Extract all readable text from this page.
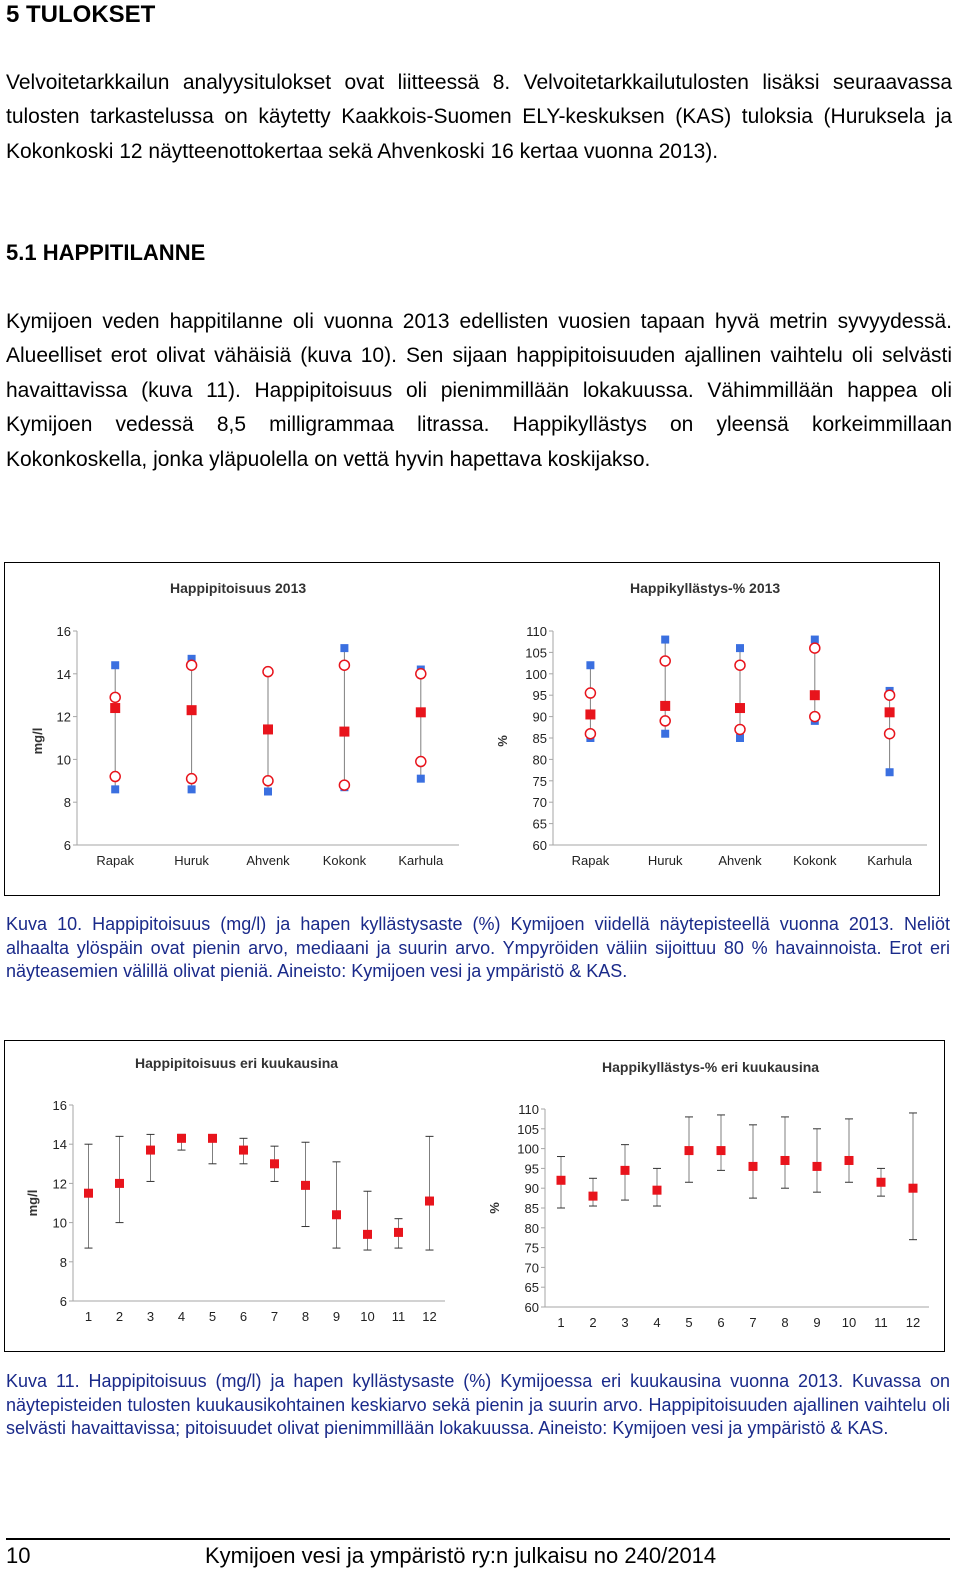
5 TULOKSET

Velvoitetarkkailun analyysitulokset ovat liitteessä 8. Velvoitetarkkailutulosten lisäksi seuraavassa tulosten tarkastelussa on käytetty Kaakkois-Suomen ELY-keskuksen (KAS) tuloksia (Huruksela ja Kokonkoski 12 näytteenottokertaa sekä Ahvenkoski 16 kertaa vuonna 2013).

5.1 HAPPITILANNE

Kymijoen veden happitilanne oli vuonna 2013 edellisten vuosien tapaan hyvä metrin syvyydessä. Alueelliset erot olivat vähäisiä (kuva 10). Sen sijaan happipitoisuuden ajallinen vaihtelu oli selvästi havaittavissa (kuva 11). Happipitoisuus oli pienimmillään lokakuussa. Vähimmillään happea oli Kymijoen vedessä 8,5 milligrammaa litrassa. Happikyllästys on yleensä korkeimmillaan Kokonkoskella, jonka yläpuolella on vettä hyvin hapettava koskijakso.

Happipitoisuus 2013
mg/l
6
8
10
12
14
16
Rapak	Huruk	Ahvenk	Kokonk Karhula
Happikyllästys-% 2013
%
60
65
70
75
80
85
90
95
100
105
110
Rapak	Huruk	Ahvenk Kokonk Karhula

Kuva 10. Happipitoisuus (mg/l) ja hapen kyllästysaste (%) Kymijoen viidellä näytepisteellä vuonna 2013. Neliöt alhaalta ylöspäin ovat pienin arvo, mediaani ja suurin arvo. Ympyröiden väliin sijoittuu 80 % havainnoista. Erot eri näyteasemien välillä olivat pieniä. Aineisto: Kymijoen vesi ja ympäristö & KAS.

Happipitoisuus eri kuukausina
mg/l
6
8
10
12
14
16
1 2 3 4 5 6 7 8 9 10 11 12
Happikyllästys-% eri kuukausina
%
60
65
70
75
80
85
90
95
100
105
110
1 2 3 4 5 6 7 8 9 10 11 12

Kuva 11. Happipitoisuus (mg/l) ja hapen kyllästysaste (%) Kymijoessa eri kuukausina vuonna 2013. Kuvassa on näytepisteiden tulosten kuukausikohtainen keskiarvo sekä pienin ja suurin arvo. Happipitoisuuden ajallinen vaihtelu oli selvästi havaittavissa; pitoisuudet olivat pienimmillään lokakuussa. Aineisto: Kymijoen vesi ja ympäristö & KAS.

10	Kymijoen vesi ja ympäristö ry:n julkaisu no 240/2014
